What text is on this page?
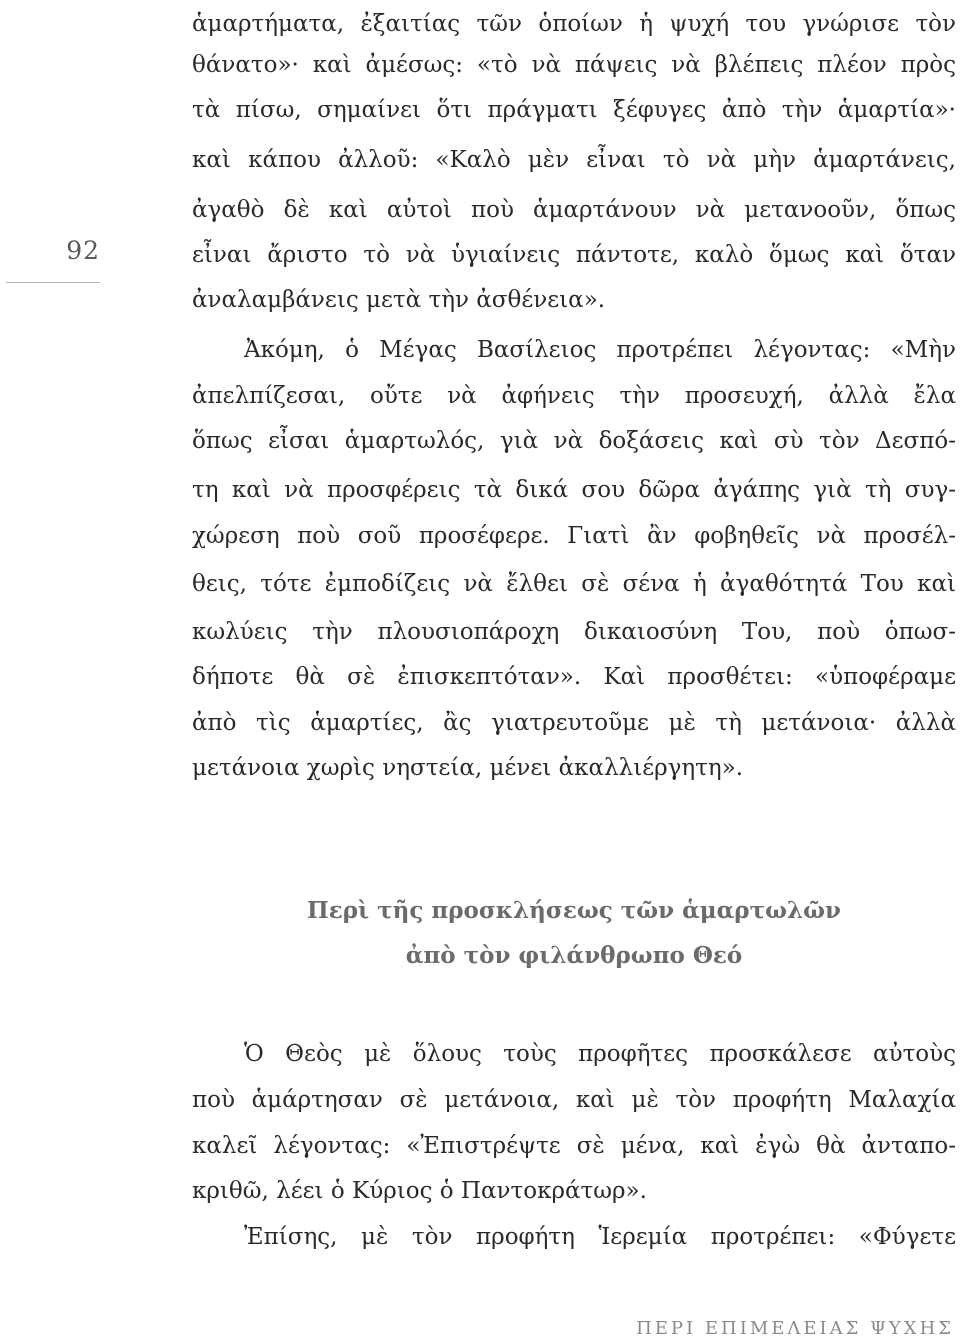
92
ἁμαρτήματα, ἐξαιτίας τῶν ὁποίων ἡ ψυχή του γνώρισε τὸν
θάνατο»· καὶ ἀμέσως: «τὸ νὰ πάψεις νὰ βλέπεις πλέον πρὸς
τὰ πίσω, σημαίνει ὅτι πράγματι ξέφυγες ἀπὸ τὴν ἁμαρτία»·
καὶ κάπου ἀλλοῦ: «Καλὸ μὲν εἶναι τὸ νὰ μὴν ἁμαρτάνεις,
ἀγαθὸ δὲ καὶ αὐτοὶ ποὺ ἁμαρτάνουν νὰ μετανοοῦν, ὅπως
εἶναι ἄριστο τὸ νὰ ὑγιαίνεις πάντοτε, καλὸ ὅμως καὶ ὅταν
ἀναλαμβάνεις μετὰ τὴν ἀσθένεια».
Ἀκόμη, ὁ Μέγας Βασίλειος προτρέπει λέγοντας: «Μὴν
ἀπελπίζεσαι, οὔτε νὰ ἀφήνεις τὴν προσευχή, ἀλλὰ ἔλα
ὅπως εἶσαι ἁμαρτωλός, γιὰ νὰ δοξάσεις καὶ σὺ τὸν Δεσπό-
τη καὶ νὰ προσφέρεις τὰ δικά σου δῶρα ἀγάπης γιὰ τὴ συγ-
χώρεση ποὺ σοῦ προσέφερε. Γιατὶ ἂν φοβηθεῖς νὰ προσέλ-
θεις, τότε ἐμποδίζεις νὰ ἔλθει σὲ σένα ἡ ἀγαθότητά Του καὶ
κωλύεις τὴν πλουσιοπάροχη δικαιοσύνη Του, ποὺ ὁπωσ-
δήποτε θὰ σὲ ἐπισκεπτόταν». Καὶ προσθέτει: «ὑποφέραμε
ἀπὸ τὶς ἁμαρτίες, ἂς γιατρευτοῦμε μὲ τὴ μετάνοια· ἀλλὰ
μετάνοια χωρὶς νηστεία, μένει ἀκαλλιέργητη».
Περὶ τῆς προσκλήσεως τῶν ἁμαρτωλῶν
ἀπὸ τὸν φιλάνθρωπο Θεό
Ὁ Θεὸς μὲ ὅλους τοὺς προφῆτες προσκάλεσε αὐτοὺς
ποὺ ἁμάρτησαν σὲ μετάνοια, καὶ μὲ τὸν προφήτη Μαλαχία
καλεῖ λέγοντας: «Ἐπιστρέψτε σὲ μένα, καὶ ἐγὼ θὰ ἀνταπο-
κριθῶ, λέει ὁ Κύριος ὁ Παντοκράτωρ».
Ἐπίσης, μὲ τὸν προφήτη Ἱερεμία προτρέπει: «Φύγετε
ΠΕΡΙ ΕΠΙΜΕΛΕΙΑΣ ΨΥΧΗΣ
